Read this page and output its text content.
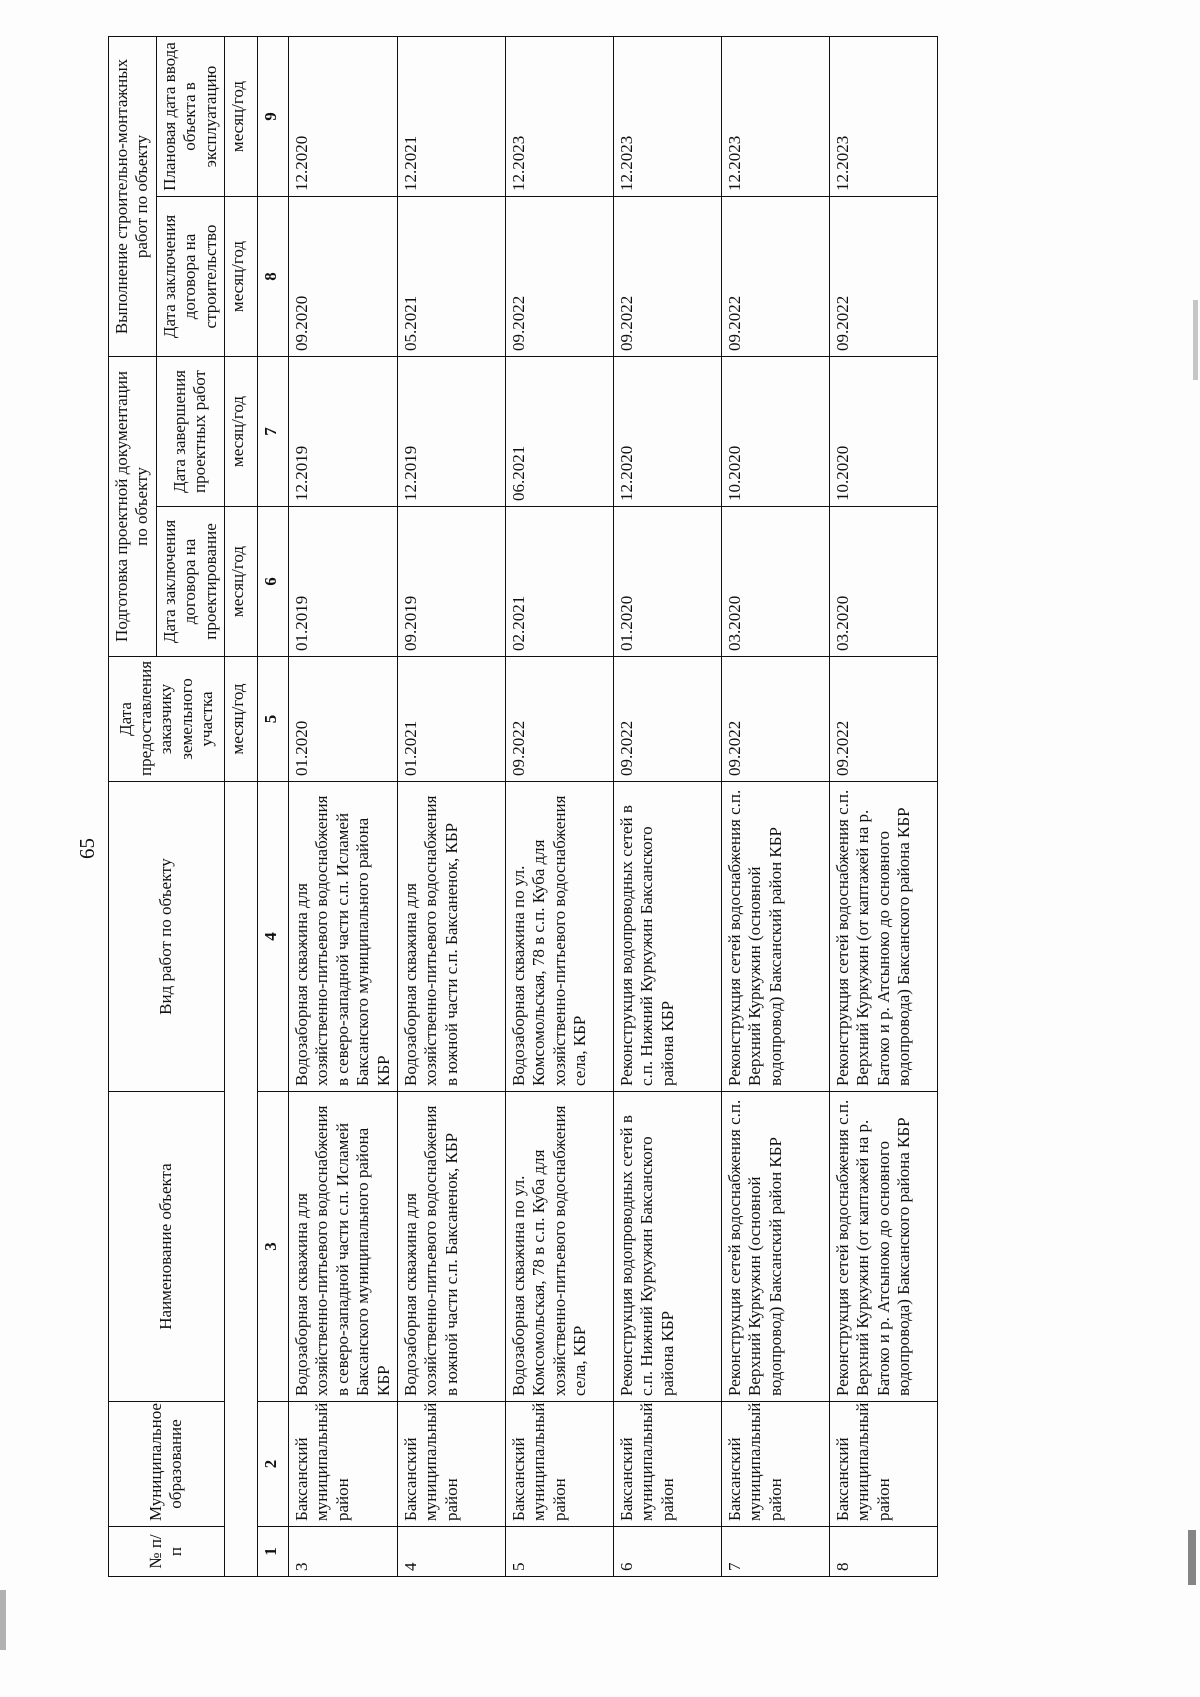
65
№ п/п	Муниципальное образование	Наименование объекта	Вид работ по объекту	Дата предоставления заказчику земельного участка	Подготовка проектной документации по объекту		Выполнение строительно-монтажных работ по объекту	
					Дата заключения договора на проектирование	Дата завершения проектных работ	Дата заключения договора на строительство	Плановая дата ввода объекта в эксплуатацию
				месяц/год	месяц/год	месяц/год	месяц/год	месяц/год
1	2	3	4	5	6	7	8	9
3	Баксанский муниципальный район	Водозаборная скважина для хозяйственно-питьевого водоснабжения в северо-западной части с.п. Исламей Баксанского муниципального района КБР	Водозаборная скважина для хозяйственно-питьевого водоснабжения в северо-западной части с.п. Исламей Баксанского муниципального района КБР	01.2020	01.2019	12.2019	09.2020	12.2020
4	Баксанский муниципальный район	Водозаборная скважина для хозяйственно-питьевого водоснабжения в южной части с.п. Баксаненок, КБР	Водозаборная скважина для хозяйственно-питьевого водоснабжения в южной части с.п. Баксаненок, КБР	01.2021	09.2019	12.2019	05.2021	12.2021
5	Баксанский муниципальный район	Водозаборная скважина по ул. Комсомольская, 78 в с.п. Куба для хозяйственно-питьевого водоснабжения села, КБР	Водозаборная скважина по ул. Комсомольская, 78 в с.п. Куба для хозяйственно-питьевого водоснабжения села, КБР	09.2022	02.2021	06.2021	09.2022	12.2023
6	Баксанский муниципальный район	Реконструкция водопроводных сетей в с.п. Нижний Куркужин Баксанского района КБР	Реконструкция водопроводных сетей в с.п. Нижний Куркужин Баксанского района КБР	09.2022	01.2020	12.2020	09.2022	12.2023
7	Баксанский муниципальный район	Реконструкция сетей водоснабжения с.п. Верхний Куркужин (основной водопровод) Баксанский район КБР	Реконструкция сетей водоснабжения с.п. Верхний Куркужин (основной водопровод) Баксанский район КБР	09.2022	03.2020	10.2020	09.2022	12.2023
8	Баксанский муниципальный район	Реконструкция сетей водоснабжения с.п. Верхний Куркужин (от каптажей на р. Батоко и р. Атсыноко до основного водопровода) Баксанского района КБР	Реконструкция сетей водоснабжения с.п. Верхний Куркужин (от каптажей на р. Батоко и р. Атсыноко до основного водопровода) Баксанского района КБР	09.2022	03.2020	10.2020	09.2022	12.2023
